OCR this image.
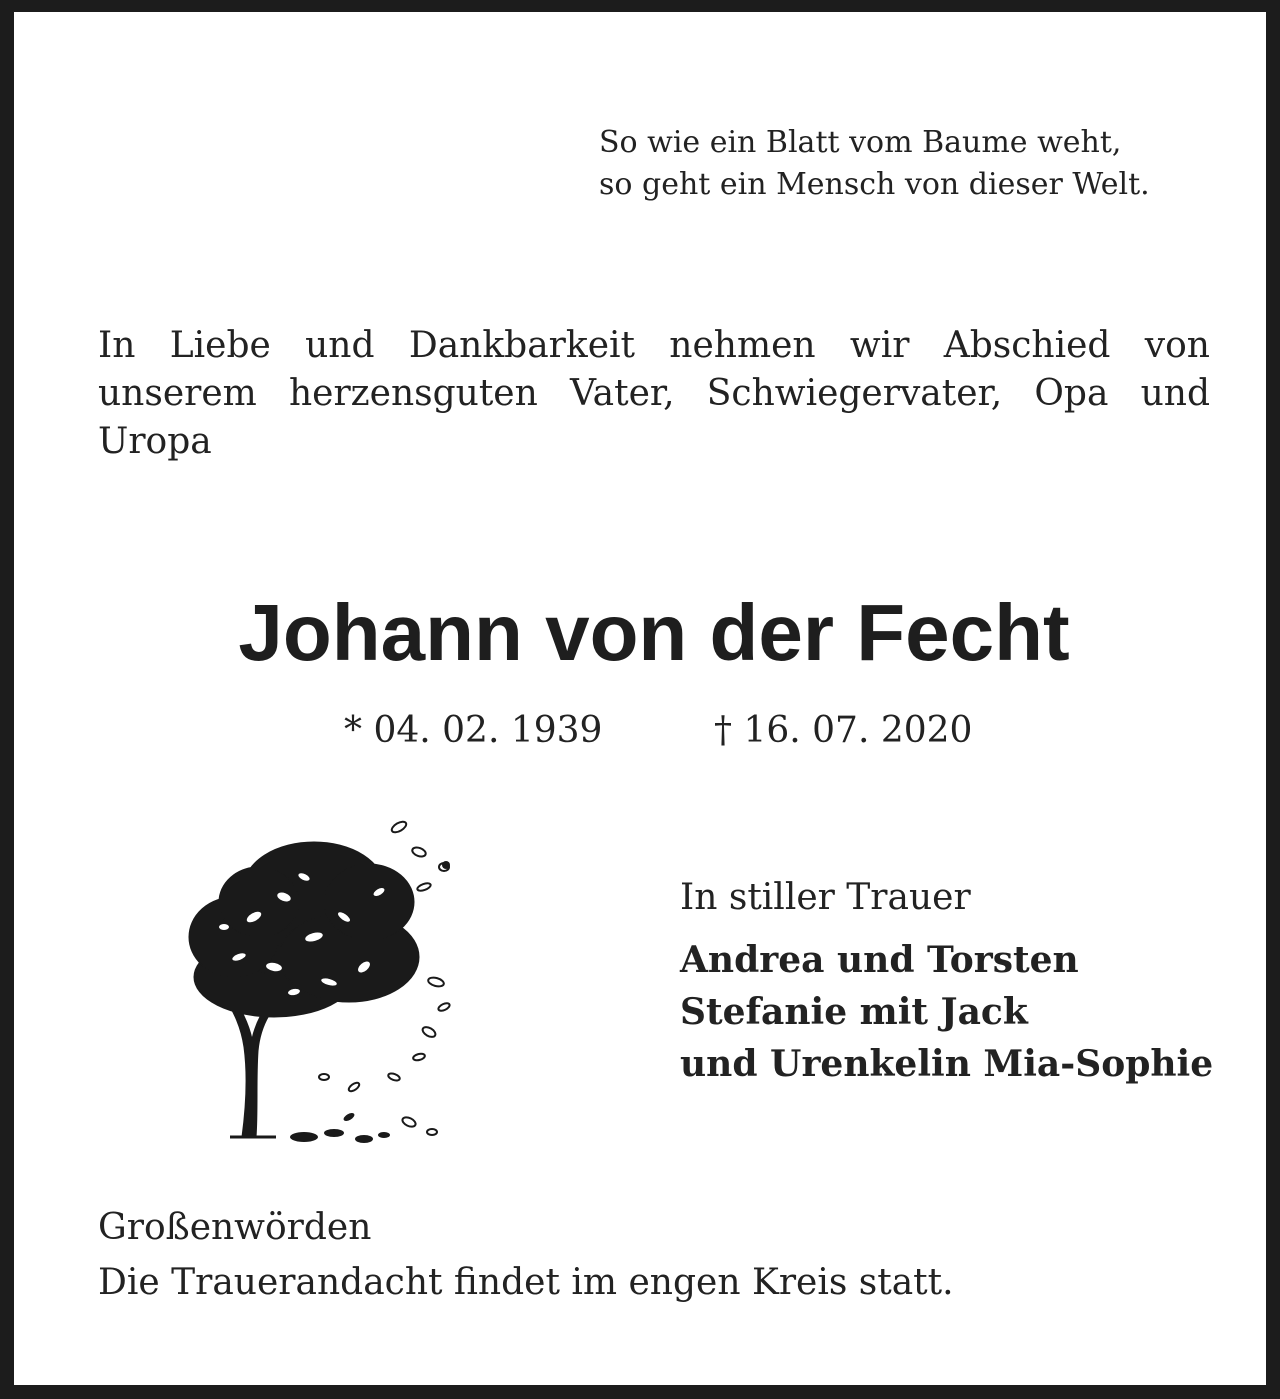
So wie ein Blatt vom Baume weht,
so geht ein Mensch von dieser Welt.
In Liebe und Dankbarkeit nehmen wir Abschied von unserem herzensguten Vater, Schwiegervater, Opa und Uropa
Johann von der Fecht
* 04. 02. 1939	† 16. 07. 2020
In stiller Trauer
Andrea und Torsten
Stefanie mit Jack
und Urenkelin Mia-Sophie
Großenwörden
Die Trauerandacht findet im engen Kreis statt.
